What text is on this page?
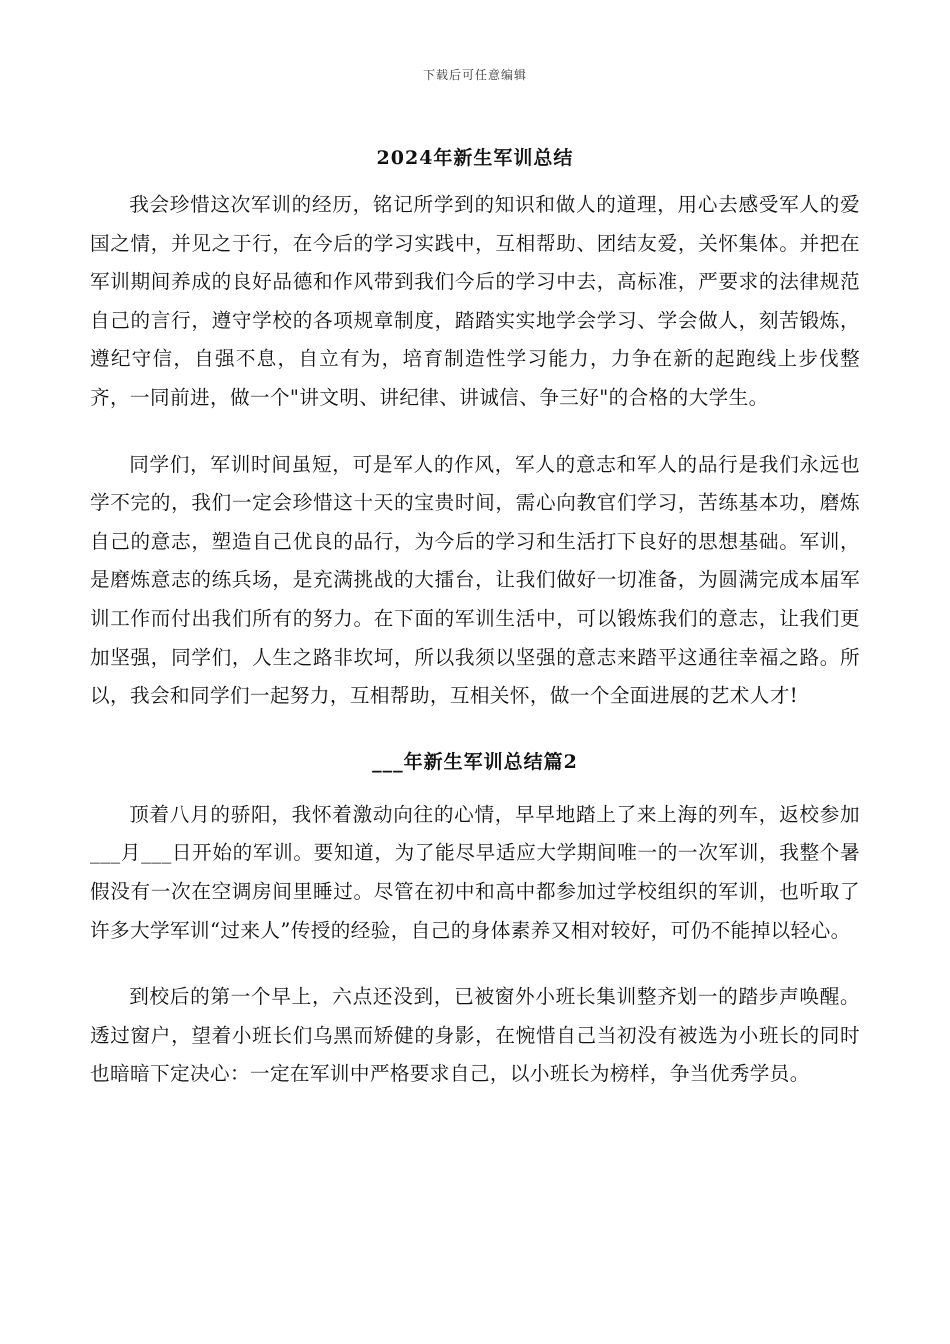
下载后可任意编辑
2024年新生军训总结

我会珍惜这次军训的经历，铭记所学到的知识和做人的道理，用心去感受军人的爱国之情，并见之于行，在今后的学习实践中，互相帮助、团结友爱，关怀集体。并把在军训期间养成的良好品德和作风带到我们今后的学习中去，高标准，严要求的法律规范自己的言行，遵守学校的各项规章制度，踏踏实实地学会学习、学会做人，刻苦锻炼，遵纪守信，自强不息，自立有为，培育制造性学习能力，力争在新的起跑线上步伐整齐，一同前进，做一个"讲文明、讲纪律、讲诚信、争三好"的合格的大学生。

同学们，军训时间虽短，可是军人的作风，军人的意志和军人的品行是我们永远也学不完的，我们一定会珍惜这十天的宝贵时间，需心向教官们学习，苦练基本功，磨炼自己的意志，塑造自己优良的品行，为今后的学习和生活打下良好的思想基础。军训，是磨炼意志的练兵场，是充满挑战的大擂台，让我们做好一切准备，为圆满完成本届军训工作而付出我们所有的努力。在下面的军训生活中，可以锻炼我们的意志，让我们更加坚强，同学们，人生之路非坎坷，所以我须以坚强的意志来踏平这通往幸福之路。所以，我会和同学们一起努力，互相帮助，互相关怀，做一个全面进展的艺术人才!

___年新生军训总结篇2

顶着八月的骄阳，我怀着激动向往的心情，早早地踏上了来上海的列车，返校参加___月___日开始的军训。要知道，为了能尽早适应大学期间唯一的一次军训，我整个暑假没有一次在空调房间里睡过。尽管在初中和高中都参加过学校组织的军训，也听取了许多大学军训“过来人”传授的经验，自己的身体素养又相对较好，可仍不能掉以轻心。

到校后的第一个早上，六点还没到，已被窗外小班长集训整齐划一的踏步声唤醒。透过窗户，望着小班长们乌黑而矫健的身影，在惋惜自己当初没有被选为小班长的同时也暗暗下定决心：一定在军训中严格要求自己，以小班长为榜样，争当优秀学员。
